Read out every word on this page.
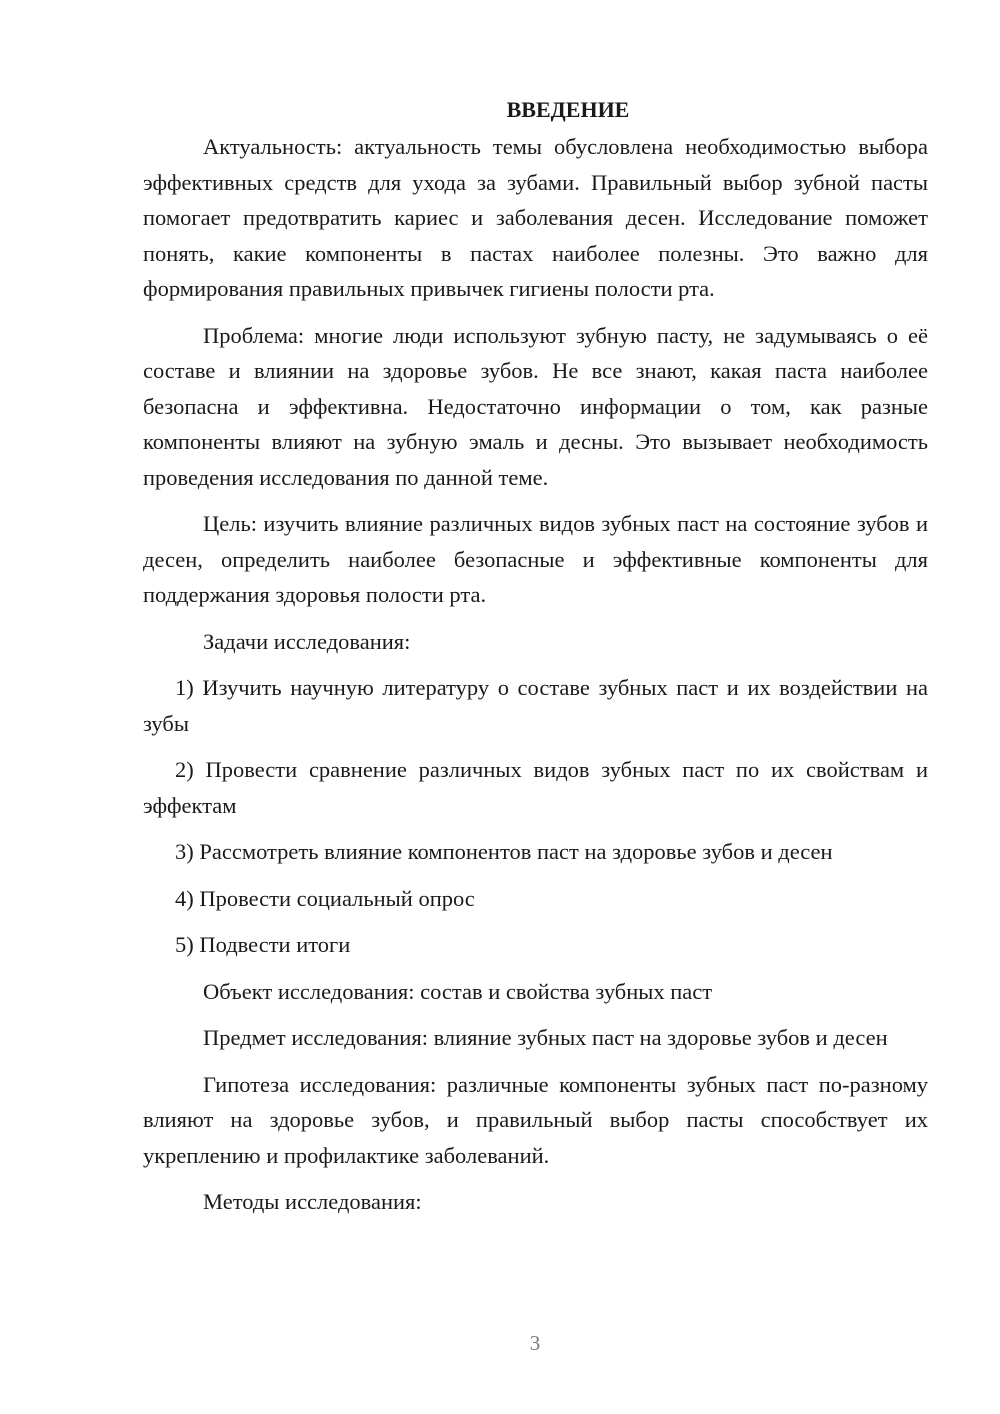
ВВЕДЕНИЕ

Актуальность: актуальность темы обусловлена необходимостью выбора эффективных средств для ухода за зубами. Правильный выбор зубной пасты помогает предотвратить кариес и заболевания десен. Исследование поможет понять, какие компоненты в пастах наиболее полезны. Это важно для формирования правильных привычек гигиены полости рта.

Проблема: многие люди используют зубную пасту, не задумываясь о её составе и влиянии на здоровье зубов. Не все знают, какая паста наиболее безопасна и эффективна. Недостаточно информации о том, как разные компоненты влияют на зубную эмаль и десны. Это вызывает необходимость проведения исследования по данной теме.

Цель: изучить влияние различных видов зубных паст на состояние зубов и десен, определить наиболее безопасные и эффективные компоненты для поддержания здоровья полости рта.

Задачи исследования:

1) Изучить научную литературу о составе зубных паст и их воздействии на зубы

2) Провести сравнение различных видов зубных паст по их свойствам и эффектам

3) Рассмотреть влияние компонентов паст на здоровье зубов и десен

4) Провести социальный опрос

5) Подвести итоги

Объект исследования: состав и свойства зубных паст

Предмет исследования: влияние зубных паст на здоровье зубов и десен

Гипотеза исследования: различные компоненты зубных паст по-разному влияют на здоровье зубов, и правильный выбор пасты способствует их укреплению и профилактике заболеваний.

Методы исследования:

3
